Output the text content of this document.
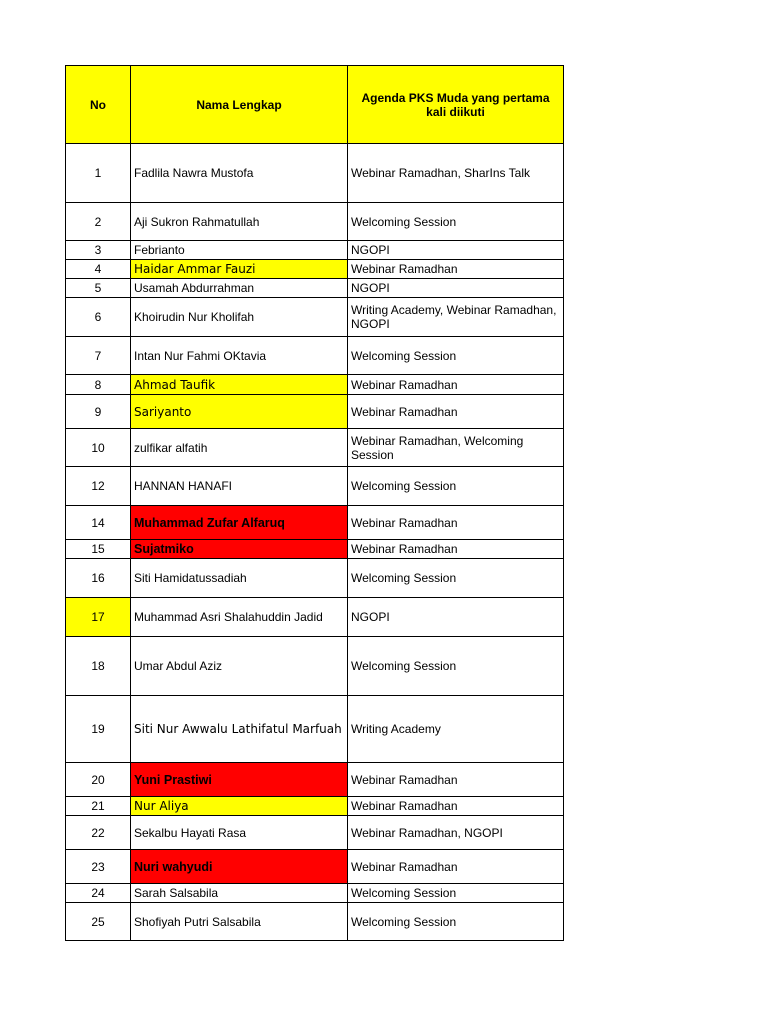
No	Nama Lengkap	Agenda PKS Muda yang pertama kali diikuti
1	Fadlila Nawra Mustofa	Webinar Ramadhan, SharIns Talk
2	Aji Sukron Rahmatullah	Welcoming Session
3	Febrianto	NGOPI
4	Haidar Ammar Fauzi	Webinar Ramadhan
5	Usamah Abdurrahman	NGOPI
6	Khoirudin Nur Kholifah	Writing Academy, Webinar Ramadhan, NGOPI
7	Intan Nur Fahmi OKtavia	Welcoming Session
8	Ahmad Taufik	Webinar Ramadhan
9	Sariyanto	Webinar Ramadhan
10	zulfikar alfatih	Webinar Ramadhan, Welcoming Session
12	HANNAN HANAFI	Welcoming Session
14	Muhammad Zufar Alfaruq	Webinar Ramadhan
15	Sujatmiko	Webinar Ramadhan
16	Siti Hamidatussadiah	Welcoming Session
17	Muhammad Asri Shalahuddin Jadid	NGOPI
18	Umar Abdul Aziz	Welcoming Session
19	Siti Nur Awwalu Lathifatul Marfuah	Writing Academy
20	Yuni Prastiwi	Webinar Ramadhan
21	Nur Aliya	Webinar Ramadhan
22	Sekalbu Hayati Rasa	Webinar Ramadhan, NGOPI
23	Nuri wahyudi	Webinar Ramadhan
24	Sarah Salsabila	Welcoming Session
25	Shofiyah Putri Salsabila	Welcoming Session
